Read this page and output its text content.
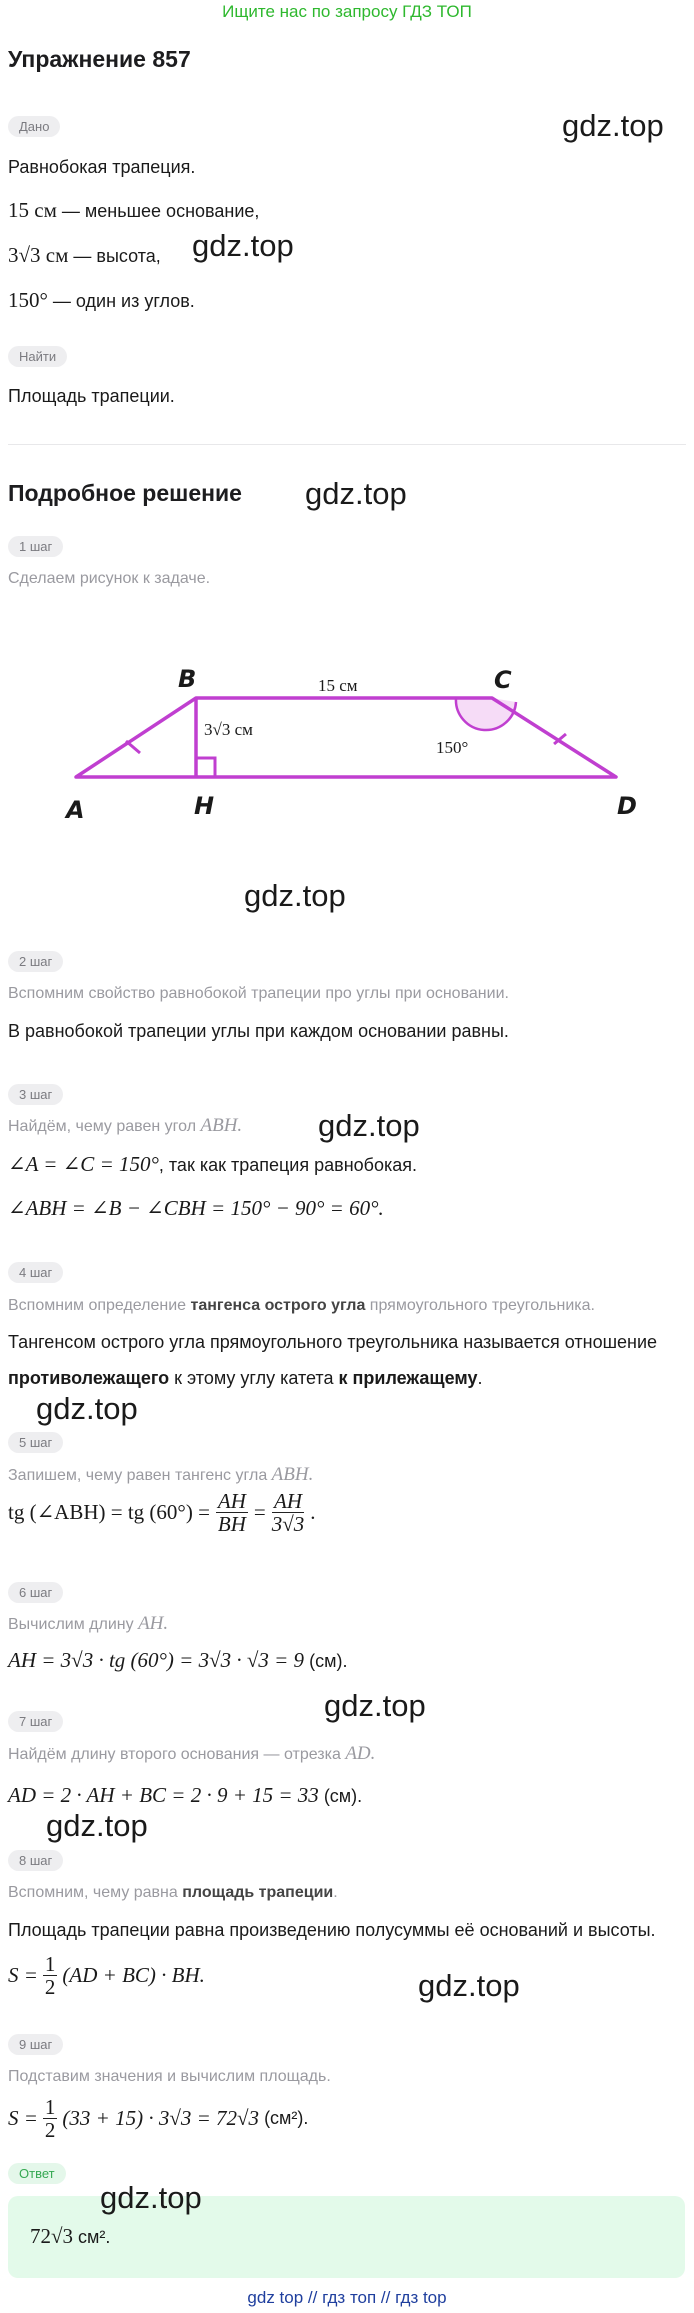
Ищите нас по запросу ГДЗ ТОП
Упражнение 857
gdz.top
Дано
Равнобокая трапеция.
15 см — меньшее основание,
3√3 см — высота, gdz.top
150° — один из углов.
Найти
Площадь трапеции.
Подробное решение gdz.top
1 шаг
Сделаем рисунок к задаче.
A
B	C
D
H
15 см
3√3 см
150°
gdz.top
2 шаг
Вспомним свойство равнобокой трапеции про углы при основании.
В равнобокой трапеции углы при каждом основании равны.
3 шаг
Найдём, чему равен угол ABH. gdz.top
∠A = ∠C = 150°, так как трапеция равнобокая.
∠ABH = ∠B − ∠CBH = 150° − 90° = 60°.
4 шаг
Вспомним определение тангенса острого угла прямоугольного треугольника.
Тангенсом острого угла прямоугольного треугольника называется отношение
противолежащего к этому углу катета к прилежащему.
gdz.top
5 шаг
Запишем, чему равен тангенс угла ABH.
tg (∠ABH) = tg $(60^\circ) = \frac{AH}{BH} = \frac{AH}{3√3}$ .
6 шаг
Вычислим длину AH.
AH = 3√3 · tg (60°) = 3√3 · √3 = 9 (см).
gdz.top
7 шаг
Найдём длину второго основания — отрезка AD.
AD = 2 · AH + BC = 2 · 9 + 15 = 33 (см).
gdz.top
8 шаг
Вспомним, чему равна площадь трапеции.
Площадь трапеции равна произведению полусуммы её оснований и высоты.
$S = \frac{1}{2} (AD + BC)$ · BH.	gdz.top
9 шаг
Подставим значения и вычислим площадь.
$S = \frac{1}{2} (33 + 15) \cdot 3√3 = 72√3$ (см²).
Ответ
gdz.top
72√3 см².
gdz top // гдз топ // гдз top
